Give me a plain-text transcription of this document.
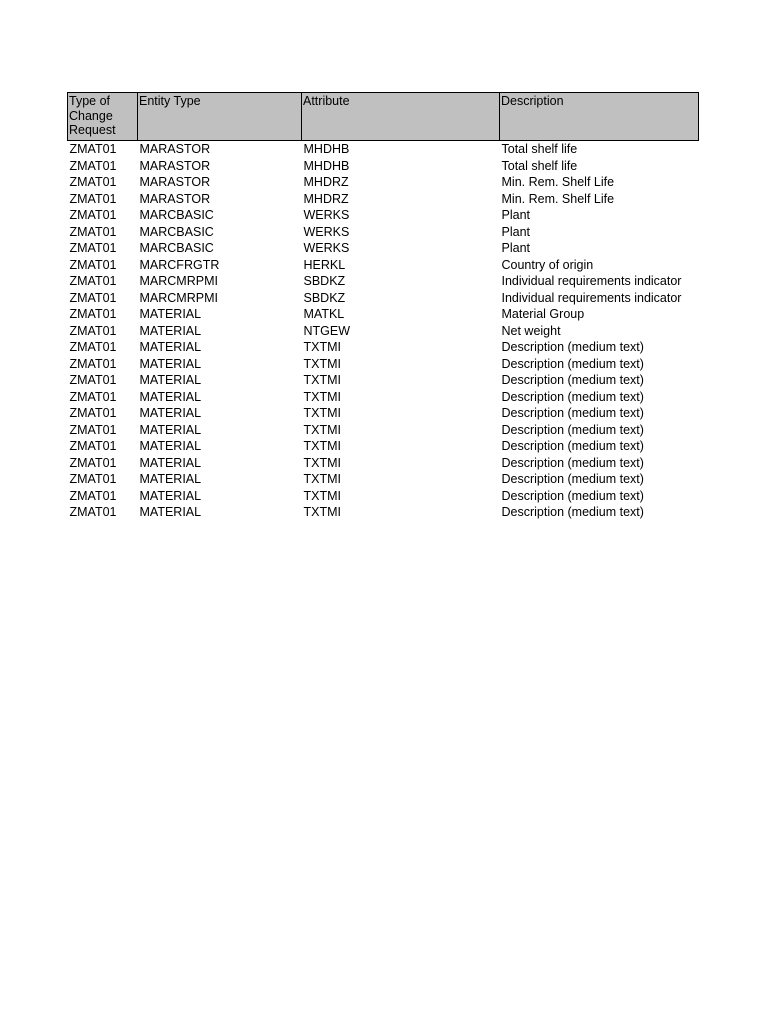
Type of Change Request	Entity Type	Attribute	Description
ZMAT01	MARASTOR	MHDHB	Total shelf life
ZMAT01	MARASTOR	MHDHB	Total shelf life
ZMAT01	MARASTOR	MHDRZ	Min. Rem. Shelf Life
ZMAT01	MARASTOR	MHDRZ	Min. Rem. Shelf Life
ZMAT01	MARCBASIC	WERKS	Plant
ZMAT01	MARCBASIC	WERKS	Plant
ZMAT01	MARCBASIC	WERKS	Plant
ZMAT01	MARCFRGTR	HERKL	Country of origin
ZMAT01	MARCMRPMI	SBDKZ	Individual requirements indicator
ZMAT01	MARCMRPMI	SBDKZ	Individual requirements indicator
ZMAT01	MATERIAL	MATKL	Material Group
ZMAT01	MATERIAL	NTGEW	Net weight
ZMAT01	MATERIAL	TXTMI	Description (medium text)
ZMAT01	MATERIAL	TXTMI	Description (medium text)
ZMAT01	MATERIAL	TXTMI	Description (medium text)
ZMAT01	MATERIAL	TXTMI	Description (medium text)
ZMAT01	MATERIAL	TXTMI	Description (medium text)
ZMAT01	MATERIAL	TXTMI	Description (medium text)
ZMAT01	MATERIAL	TXTMI	Description (medium text)
ZMAT01	MATERIAL	TXTMI	Description (medium text)
ZMAT01	MATERIAL	TXTMI	Description (medium text)
ZMAT01	MATERIAL	TXTMI	Description (medium text)
ZMAT01	MATERIAL	TXTMI	Description (medium text)
